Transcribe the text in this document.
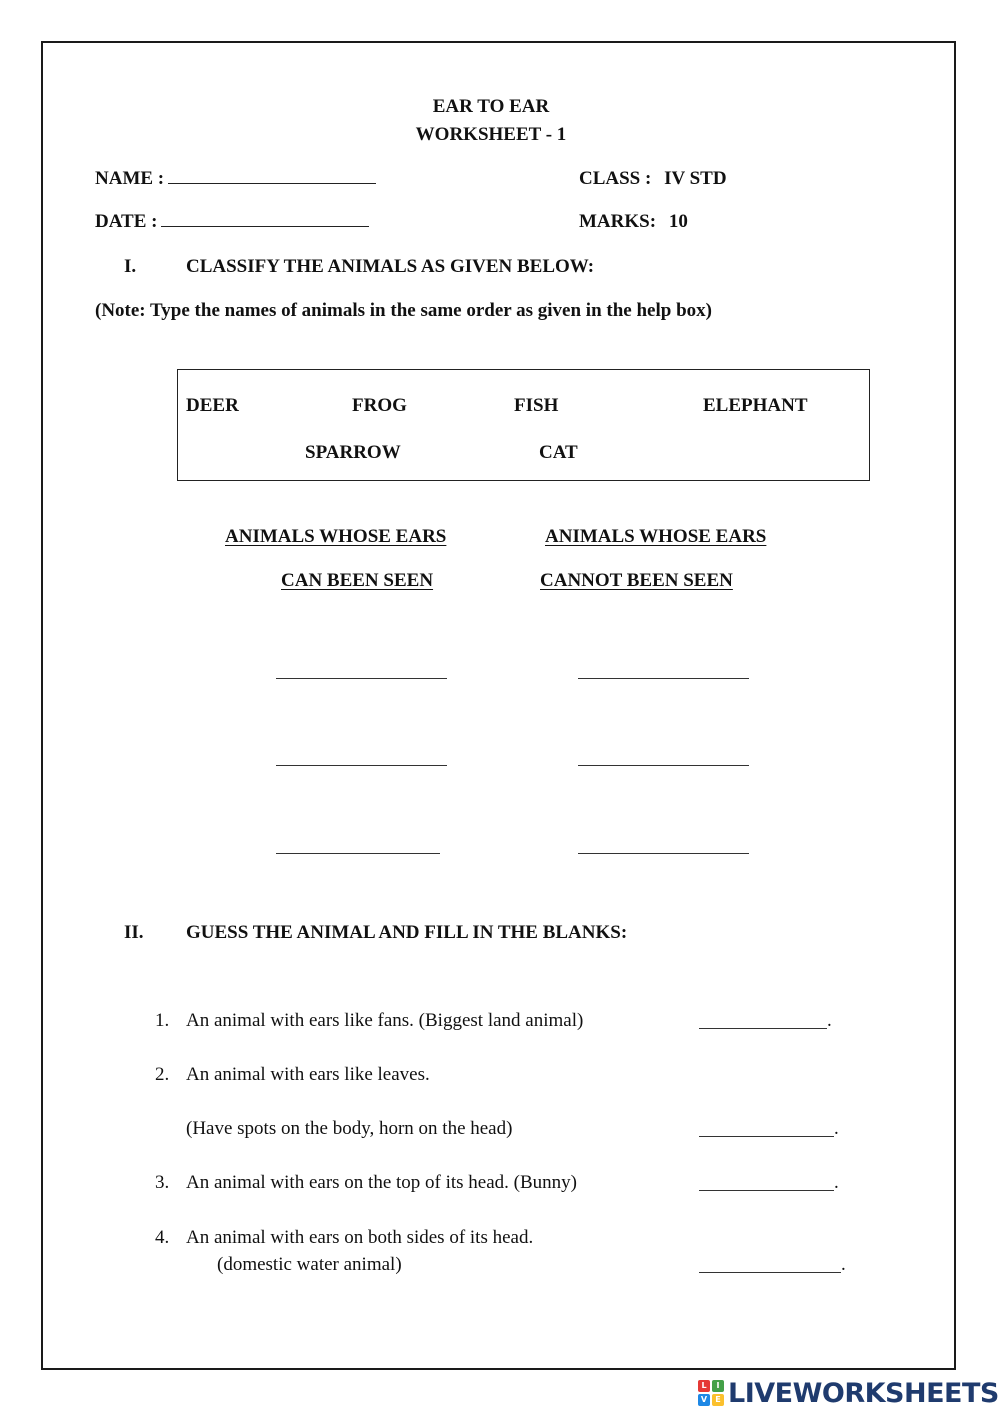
EAR TO EAR
WORKSHEET - 1
NAME :	CLASS : IV STD
DATE :	MARKS: 10
I.	CLASSIFY THE ANIMALS AS GIVEN BELOW:
(Note: Type the names of animals in the same order as given in the help box)
DEER	FROG	FISH	ELEPHANT
SPARROW	CAT
ANIMALS WHOSE EARS
CAN BEEN SEEN
ANIMALS WHOSE EARS
CANNOT BEEN SEEN
II. GUESS THE ANIMAL AND FILL IN THE BLANKS:
1. An animal with ears like fans. (Biggest land animal)	.
2. An animal with ears like leaves.
(Have spots on the body, horn on the head)	.
3. An animal with ears on the top of its head. (Bunny)	.
4. An animal with ears on both sides of its head.
(domestic water animal)	.
L	I
V	E LIVEWORKSHEETS
